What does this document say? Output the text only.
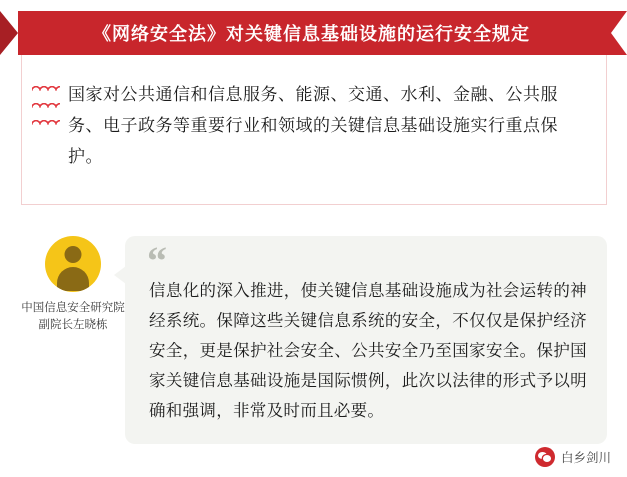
《网络安全法》对关键信息基础设施的运行安全规定
国家对公共通信和信息服务、能源、交通、水利、金融、公共服务、电子政务等重要行业和领域的关键信息基础设施实行重点保护。
中国信息安全研究院副院长左晓栋
“
信息化的深入推进，使关键信息基础设施成为社会运转的神经系统。保障这些关键信息系统的安全，不仅仅是保护经济安全，更是保护社会安全、公共安全乃至国家安全。保护国家关键信息基础设施是国际惯例，此次以法律的形式予以明确和强调，非常及时而且必要。
白乡剑川
